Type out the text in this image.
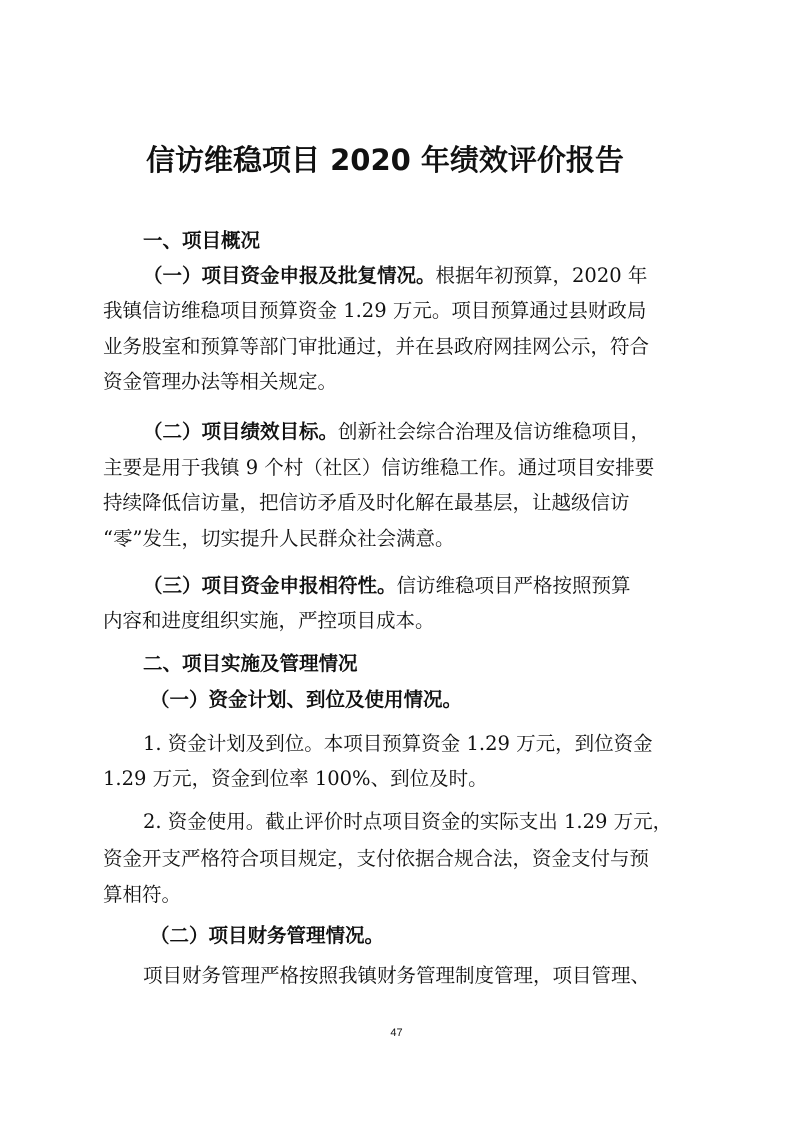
信访维稳项目 2020 年绩效评价报告
一、项目概况
（一）项目资金申报及批复情况。根据年初预算，2020 年
我镇信访维稳项目预算资金 1.29 万元。项目预算通过县财政局
业务股室和预算等部门审批通过，并在县政府网挂网公示，符合
资金管理办法等相关规定。
（二）项目绩效目标。创新社会综合治理及信访维稳项目，
主要是用于我镇 9 个村（社区）信访维稳工作。通过项目安排要
持续降低信访量，把信访矛盾及时化解在最基层，让越级信访
“零”发生，切实提升人民群众社会满意。
（三）项目资金申报相符性。信访维稳项目严格按照预算
内容和进度组织实施，严控项目成本。
二、项目实施及管理情况
（一）资金计划、到位及使用情况。
1. 资金计划及到位。本项目预算资金 1.29 万元，到位资金
1.29 万元，资金到位率 100%、到位及时。
2. 资金使用。截止评价时点项目资金的实际支出 1.29 万元，
资金开支严格符合项目规定，支付依据合规合法，资金支付与预
算相符。
（二）项目财务管理情况。
项目财务管理严格按照我镇财务管理制度管理，项目管理、
47
